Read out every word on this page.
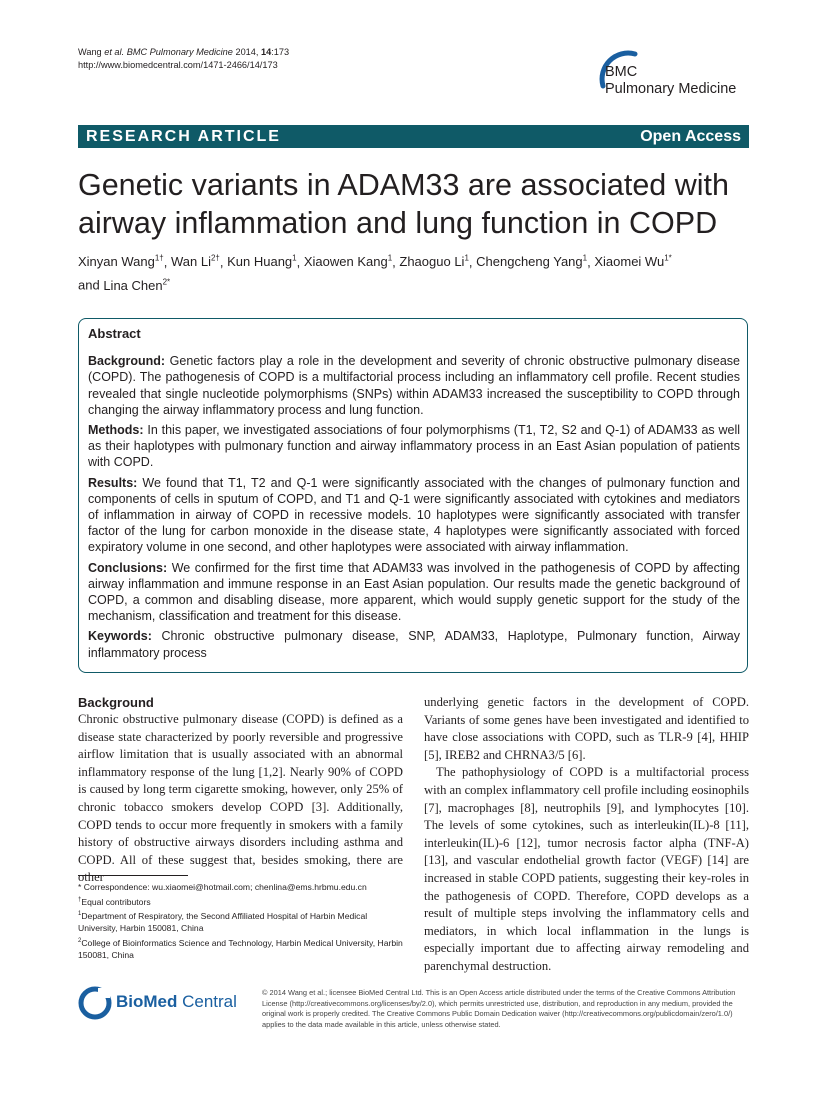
Wang et al. BMC Pulmonary Medicine 2014, 14:173
http://www.biomedcentral.com/1471-2466/14/173	BMC
Pulmonary Medicine
RESEARCH ARTICLE	Open Access
Genetic variants in ADAM33 are associated with
airway inflammation and lung function in COPD
Xinyan Wang$^{1\dagger}$, Wan $Li^{2\dagger}$, Kun Huang$^1$, Xiaowen Kang$^1$, Zhaoguo Li$^1$, Chengcheng Yang$^1$, Xiaomei $Wu^{1*}$
and Lina Chen$^{2*}$
Abstract

Background: Genetic factors play a role in the development and severity of chronic obstructive pulmonary disease (COPD). The pathogenesis of COPD is a multifactorial process including an inflammatory cell profile. Recent studies revealed that single nucleotide polymorphisms (SNPs) within ADAM33 increased the susceptibility to COPD through changing the airway inflammatory process and lung function.

Methods: In this paper, we investigated associations of four polymorphisms (T1, T2, S2 and Q-1) of ADAM33 as well as their haplotypes with pulmonary function and airway inflammatory process in an East Asian population of patients with COPD.

Results: We found that T1, T2 and Q-1 were significantly associated with the changes of pulmonary function and components of cells in sputum of COPD, and T1 and Q-1 were significantly associated with cytokines and mediators of inflammation in airway of COPD in recessive models. 10 haplotypes were significantly associated with transfer factor of the lung for carbon monoxide in the disease state, 4 haplotypes were significantly associated with forced expiratory volume in one second, and other haplotypes were associated with airway inflammation.

Conclusions: We confirmed for the first time that ADAM33 was involved in the pathogenesis of COPD by affecting airway inflammation and immune response in an East Asian population. Our results made the genetic background of COPD, a common and disabling disease, more apparent, which would supply genetic support for the study of the mechanism, classification and treatment for this disease.

Keywords: Chronic obstructive pulmonary disease, SNP, ADAM33, Haplotype, Pulmonary function, Airway inflammatory process

Background

Chronic obstructive pulmonary disease (COPD) is defined as a disease state characterized by poorly reversible and progressive airflow limitation that is usually associated with an abnormal inflammatory response of the lung [1,2]. Nearly 90% of COPD is caused by long term cigarette smoking, however, only 25% of chronic tobacco smokers develop COPD [3]. Additionally, COPD tends to occur more frequently in smokers with a family history of obstructive airways disorders including asthma and COPD. All of these suggest that, besides smoking, there are other

underlying genetic factors in the development of COPD. Variants of some genes have been investigated and identified to have close associations with COPD, such as TLR-9 [4], HHIP [5], IREB2 and CHRNA3/5 [6].

The pathophysiology of COPD is a multifactorial process with an complex inflammatory cell profile including eosinophils [7], macrophages [8], neutrophils [9], and lymphocytes [10]. The levels of some cytokines, such as interleukin(IL)-8 [11], interleukin(IL)-6 [12], tumor necrosis factor alpha (TNF-A) [13], and vascular endothelial growth factor (VEGF) [14] are increased in stable COPD patients, suggesting their key-roles in the pathogenesis of COPD. Therefore, COPD develops as a result of multiple steps involving the inflammatory cells and mediators, in which local inflammation in the lungs is especially important due to affecting airway remodeling and parenchymal destruction.

* Correspondence: wu.xiaomei@hotmail.com; chenlina@ems.hrbmu.edu.cn
†Equal contributors
$^1$Department of Respiratory, the Second Affiliated Hospital of Harbin Medical University, Harbin 150081, China
$^2$College of Bioinformatics Science and Technology, Harbin Medical University, Harbin 150081, China
BioMed Central	© 2014 Wang et al.; licensee BioMed Central Ltd. This is an Open Access article distributed under the terms of the Creative Commons Attribution License (http://creativecommons.org/licenses/by/2.0), which permits unrestricted use, distribution, and reproduction in any medium, provided the original work is properly credited. The Creative Commons Public Domain Dedication waiver (http://creativecommons.org/publicdomain/zero/1.0/) applies to the data made available in this article, unless otherwise stated.
